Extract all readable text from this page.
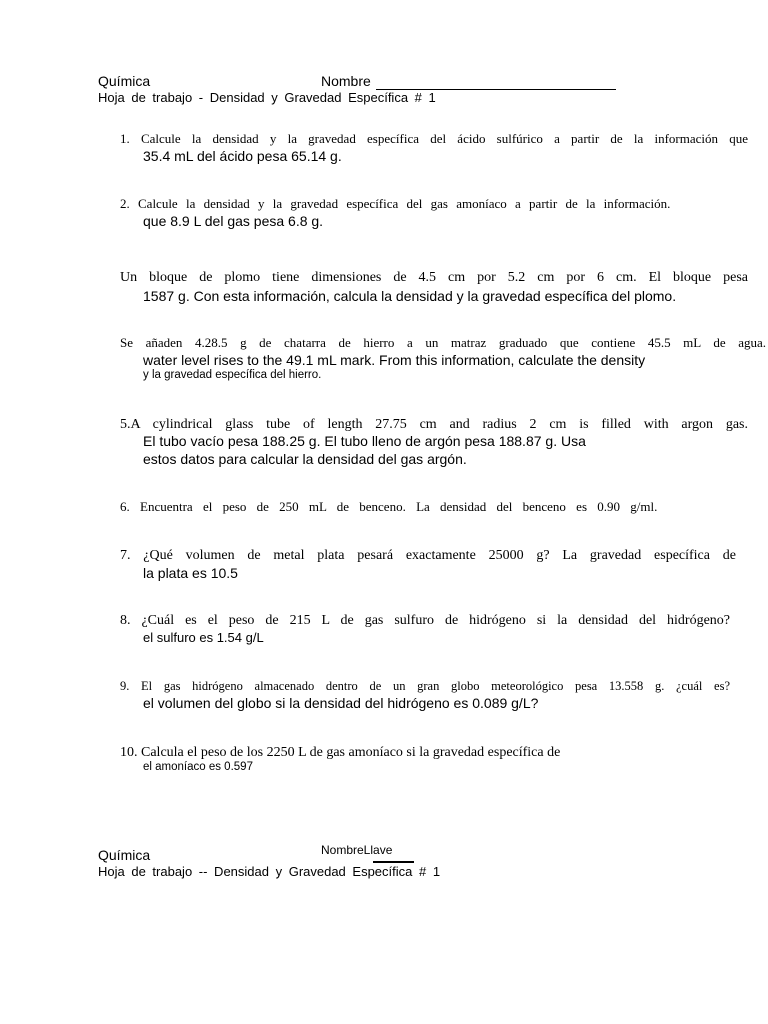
Química	Nombre
Hoja de trabajo - Densidad y Gravedad Específica # 1
1. Calcule la densidad y la gravedad específica del ácido sulfúrico a partir de la información que
35.4 mL del ácido pesa 65.14 g.
2. Calcule la densidad y la gravedad específica del gas amoníaco a partir de la información.
que 8.9 L del gas pesa 6.8 g.
Un bloque de plomo tiene dimensiones de 4.5 cm por 5.2 cm por 6 cm. El bloque pesa
1587 g. Con esta información, calcula la densidad y la gravedad específica del plomo.
Se añaden 4.28.5 g de chatarra de hierro a un matraz graduado que contiene 45.5 mL de agua.
water level rises to the 49.1 mL mark. From this information, calculate the density
y la gravedad específica del hierro.
5.A cylindrical glass tube of length 27.75 cm and radius 2 cm is filled with argon gas.
El tubo vacío pesa 188.25 g. El tubo lleno de argón pesa 188.87 g. Usa
estos datos para calcular la densidad del gas argón.
6. Encuentra el peso de 250 mL de benceno. La densidad del benceno es 0.90 g/ml.
7. ¿Qué volumen de metal plata pesará exactamente 25000 g? La gravedad específica de
la plata es 10.5
8. ¿Cuál es el peso de 215 L de gas sulfuro de hidrógeno si la densidad del hidrógeno?
el sulfuro es 1.54 g/L
9. El gas hidrógeno almacenado dentro de un gran globo meteorológico pesa 13.558 g. ¿cuál es?
el volumen del globo si la densidad del hidrógeno es 0.089 g/L?
10. Calcula el peso de los 2250 L de gas amoníaco si la gravedad específica de
el amoníaco es 0.597
Química	NombreLlave
Hoja de trabajo -- Densidad y Gravedad Específica # 1
